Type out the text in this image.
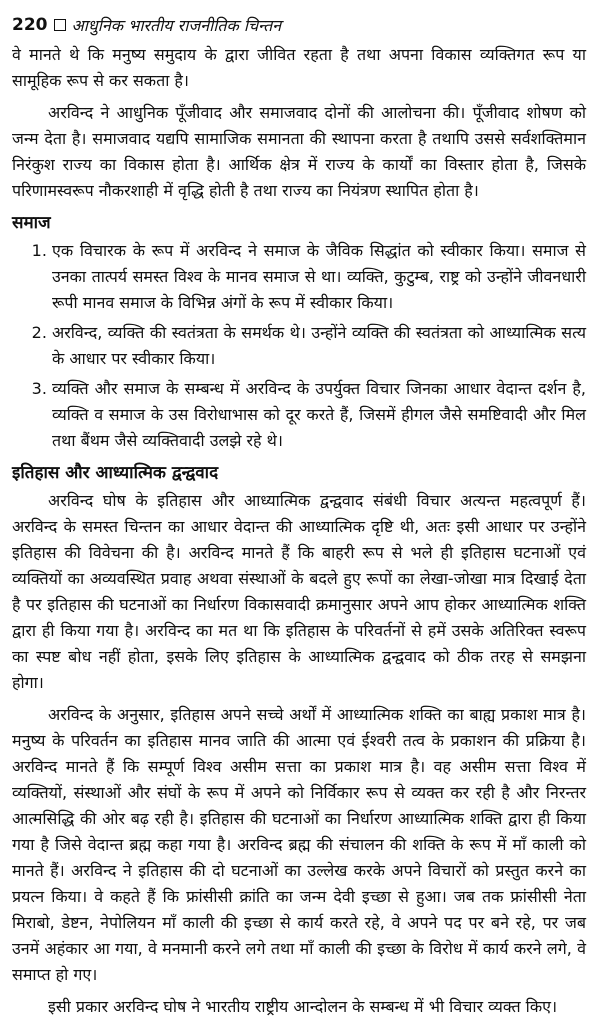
220 आधुनिक भारतीय राजनीतिक चिन्तन

वे मानते थे कि मनुष्य समुदाय के द्वारा जीवित रहता है तथा अपना विकास व्यक्तिगत रूप या सामूहिक रूप से कर सकता है।

अरविन्द ने आधुनिक पूँजीवाद और समाजवाद दोनों की आलोचना की। पूँजीवाद शोषण को जन्म देता है। समाजवाद यद्यपि सामाजिक समानता की स्थापना करता है तथापि उससे सर्वशक्तिमान निरंकुश राज्य का विकास होता है। आर्थिक क्षेत्र में राज्य के कार्यों का विस्तार होता है, जिसके परिणामस्वरूप नौकरशाही में वृद्धि होती है तथा राज्य का नियंत्रण स्थापित होता है।

समाज
1. एक विचारक के रूप में अरविन्द ने समाज के जैविक सिद्धांत को स्वीकार किया। समाज से उनका तात्पर्य समस्त विश्व के मानव समाज से था। व्यक्ति, कुटुम्ब, राष्ट्र को उन्होंने जीवनधारी रूपी मानव समाज के विभिन्न अंगों के रूप में स्वीकार किया।
2. अरविन्द, व्यक्ति की स्वतंत्रता के समर्थक थे। उन्होंने व्यक्ति की स्वतंत्रता को आध्यात्मिक सत्य के आधार पर स्वीकार किया।
3. व्यक्ति और समाज के सम्बन्ध में अरविन्द के उपर्युक्त विचार जिनका आधार वेदान्त दर्शन है, व्यक्ति व समाज के उस विरोधाभास को दूर करते हैं, जिसमें हीगल जैसे समष्टिवादी और मिल तथा बैंथम जैसे व्यक्तिवादी उलझे रहे थे।
इतिहास और आध्यात्मिक द्वन्द्ववाद

अरविन्द घोष के इतिहास और आध्यात्मिक द्वन्द्ववाद संबंधी विचार अत्यन्त महत्वपूर्ण हैं। अरविन्द के समस्त चिन्तन का आधार वेदान्त की आध्यात्मिक दृष्टि थी, अतः इसी आधार पर उन्होंने इतिहास की विवेचना की है। अरविन्द मानते हैं कि बाहरी रूप से भले ही इतिहास घटनाओं एवं व्यक्तियों का अव्यवस्थित प्रवाह अथवा संस्थाओं के बदले हुए रूपों का लेखा-जोखा मात्र दिखाई देता है पर इतिहास की घटनाओं का निर्धारण विकासवादी क्रमानुसार अपने आप होकर आध्यात्मिक शक्ति द्वारा ही किया गया है। अरविन्द का मत था कि इतिहास के परिवर्तनों से हमें उसके अतिरिक्त स्वरूप का स्पष्ट बोध नहीं होता, इसके लिए इतिहास के आध्यात्मिक द्वन्द्ववाद को ठीक तरह से समझना होगा।

अरविन्द के अनुसार, इतिहास अपने सच्चे अर्थों में आध्यात्मिक शक्ति का बाह्य प्रकाश मात्र है। मनुष्य के परिवर्तन का इतिहास मानव जाति की आत्मा एवं ईश्वरी तत्व के प्रकाशन की प्रक्रिया है। अरविन्द मानते हैं कि सम्पूर्ण विश्व असीम सत्ता का प्रकाश मात्र है। वह असीम सत्ता विश्व में व्यक्तियों, संस्थाओं और संघों के रूप में अपने को निर्विकार रूप से व्यक्त कर रही है और निरन्तर आत्मसिद्धि की ओर बढ़ रही है। इतिहास की घटनाओं का निर्धारण आध्यात्मिक शक्ति द्वारा ही किया गया है जिसे वेदान्त ब्रह्म कहा गया है। अरविन्द ब्रह्म की संचालन की शक्ति के रूप में माँ काली को मानते हैं। अरविन्द ने इतिहास की दो घटनाओं का उल्लेख करके अपने विचारों को प्रस्तुत करने का प्रयत्न किया। वे कहते हैं कि फ्रांसीसी क्रांति का जन्म देवी इच्छा से हुआ। जब तक फ्रांसीसी नेता मिराबो, डेष्टन, नेपोलियन माँ काली की इच्छा से कार्य करते रहे, वे अपने पद पर बने रहे, पर जब उनमें अहंकार आ गया, वे मनमानी करने लगे तथा माँ काली की इच्छा के विरोध में कार्य करने लगे, वे समाप्त हो गए।

इसी प्रकार अरविन्द घोष ने भारतीय राष्ट्रीय आन्दोलन के सम्बन्ध में भी विचार व्यक्त किए।
